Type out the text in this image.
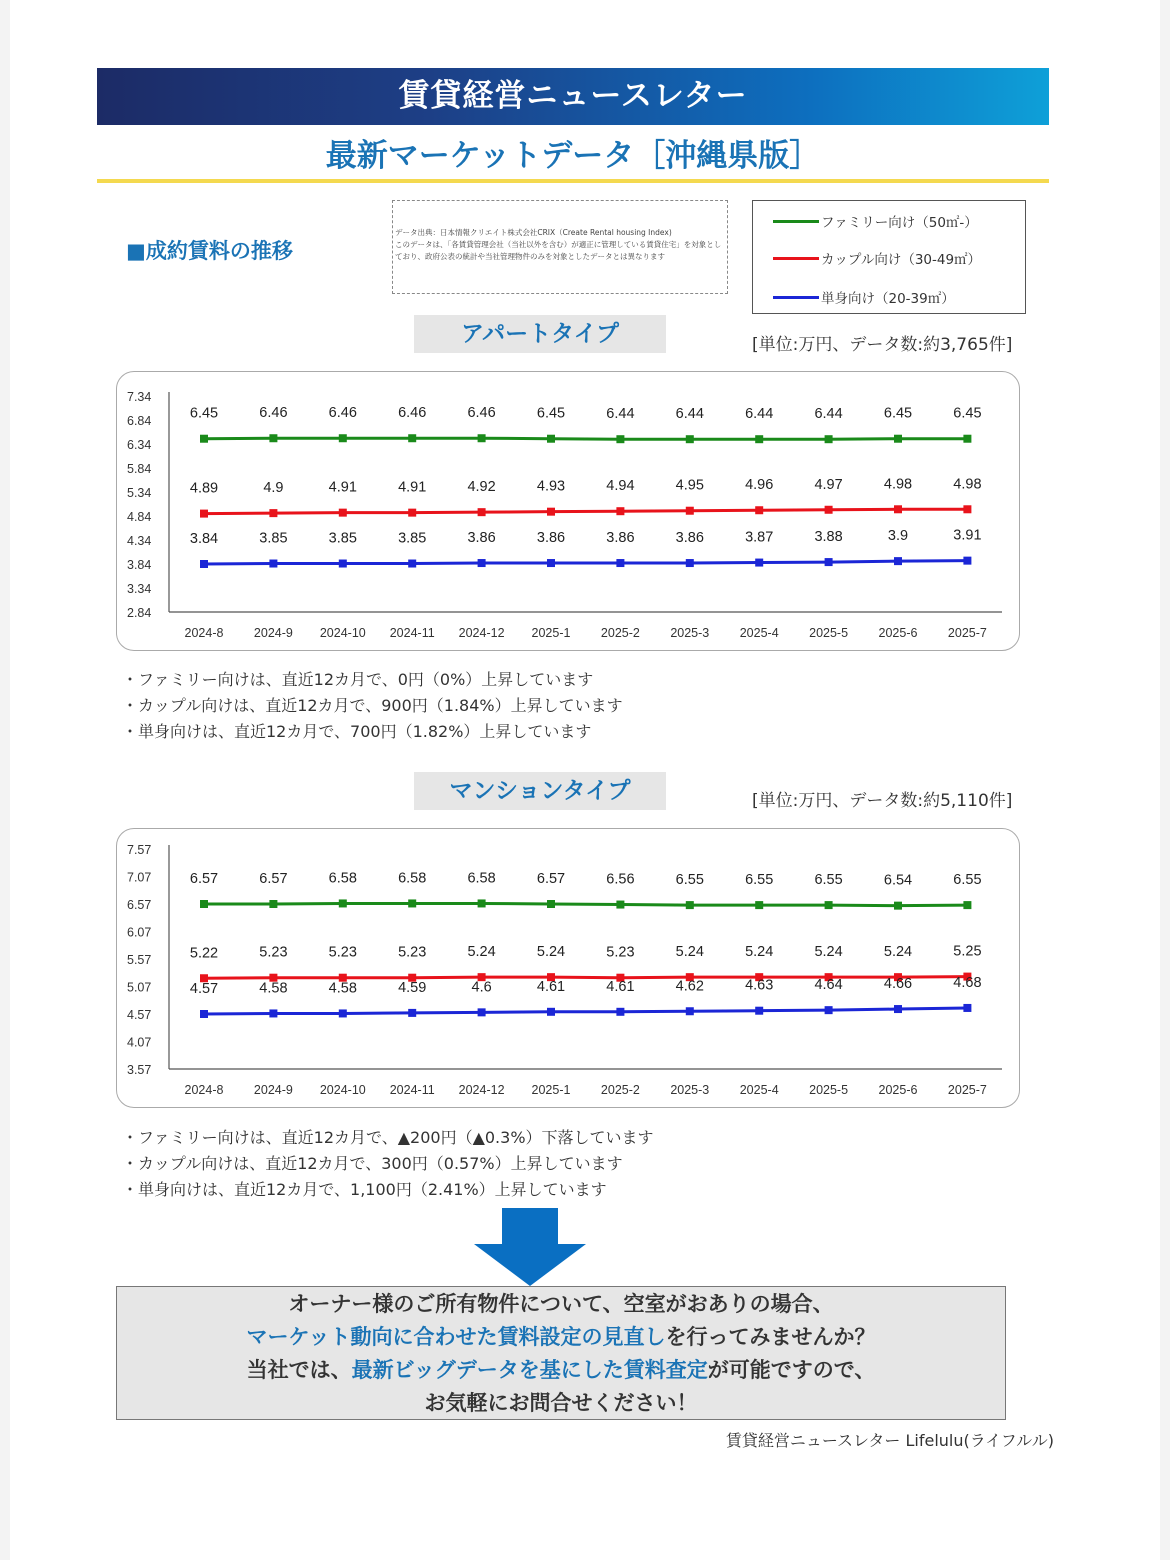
賃貸経営ニュースレター
最新マーケットデータ［沖縄県版］
■成約賃料の推移
データ出典：日本情報クリエイト株式会社CRIX（Create Rental housing Index)
このデータは、「各賃貸管理会社（当社以外を含む）が適正に管理している賃貸住宅」を対象とし
ており、政府公表の統計や当社管理物件のみを対象としたデータとは異なります
ファミリー向け（50㎡-）
カップル向け（30-49㎡）
単身向け（20-39㎡）
アパートタイプ	[単位:万円、データ数:約3,765件]
7.34
6.84
6.34
5.84
5.34
4.84
4.34
3.84
3.34
2.84
2024-8 2024-9 2024-10 2024-11 2024-12 2025-1 2025-2 2025-3 2025-4 2025-5 2025-6 2025-7
6.45	6.46	6.46	6.46	6.46	6.45	6.44	6.44	6.44	6.44	6.45	6.45
4.89	4.9	4.91	4.91	4.92	4.93	4.94	4.95	4.96	4.97	4.98	4.98
3.84	3.85	3.85	3.85	3.86	3.86	3.86	3.86	3.87	3.88	3.9	3.91
・ファミリー向けは、直近12カ月で、0円（0%）上昇しています
・カップル向けは、直近12カ月で、900円（1.84%）上昇しています
・単身向けは、直近12カ月で、700円（1.82%）上昇しています
マンションタイプ	[単位:万円、データ数:約5,110件]
7.57
7.07
6.57
6.07
5.57
5.07
4.57
4.07
3.57
2024-8 2024-9 2024-10 2024-11 2024-12 2025-1 2025-2 2025-3 2025-4 2025-5 2025-6 2025-7
6.57	6.57	6.58	6.58	6.58	6.57	6.56	6.55	6.55	6.55	6.54	6.55
5.22	5.23	5.23	5.23	5.24	5.24	5.23	5.24	5.24	5.24	5.24	5.25
4.57	4.58	4.58	4.59	4.6	4.61	4.61	4.62	4.63	4.64	4.66	4.68
・ファミリー向けは、直近12カ月で、▲200円（▲0.3%）下落しています
・カップル向けは、直近12カ月で、300円（0.57%）上昇しています
・単身向けは、直近12カ月で、1,100円（2.41%）上昇しています
オーナー様のご所有物件について、空室がおありの場合、
マーケット動向に合わせた賃料設定の見直しを行ってみませんか？
当社では、最新ビッグデータを基にした賃料査定が可能ですので、
お気軽にお問合せください！
賃貸経営ニュースレター Lifelulu(ライフルル)
